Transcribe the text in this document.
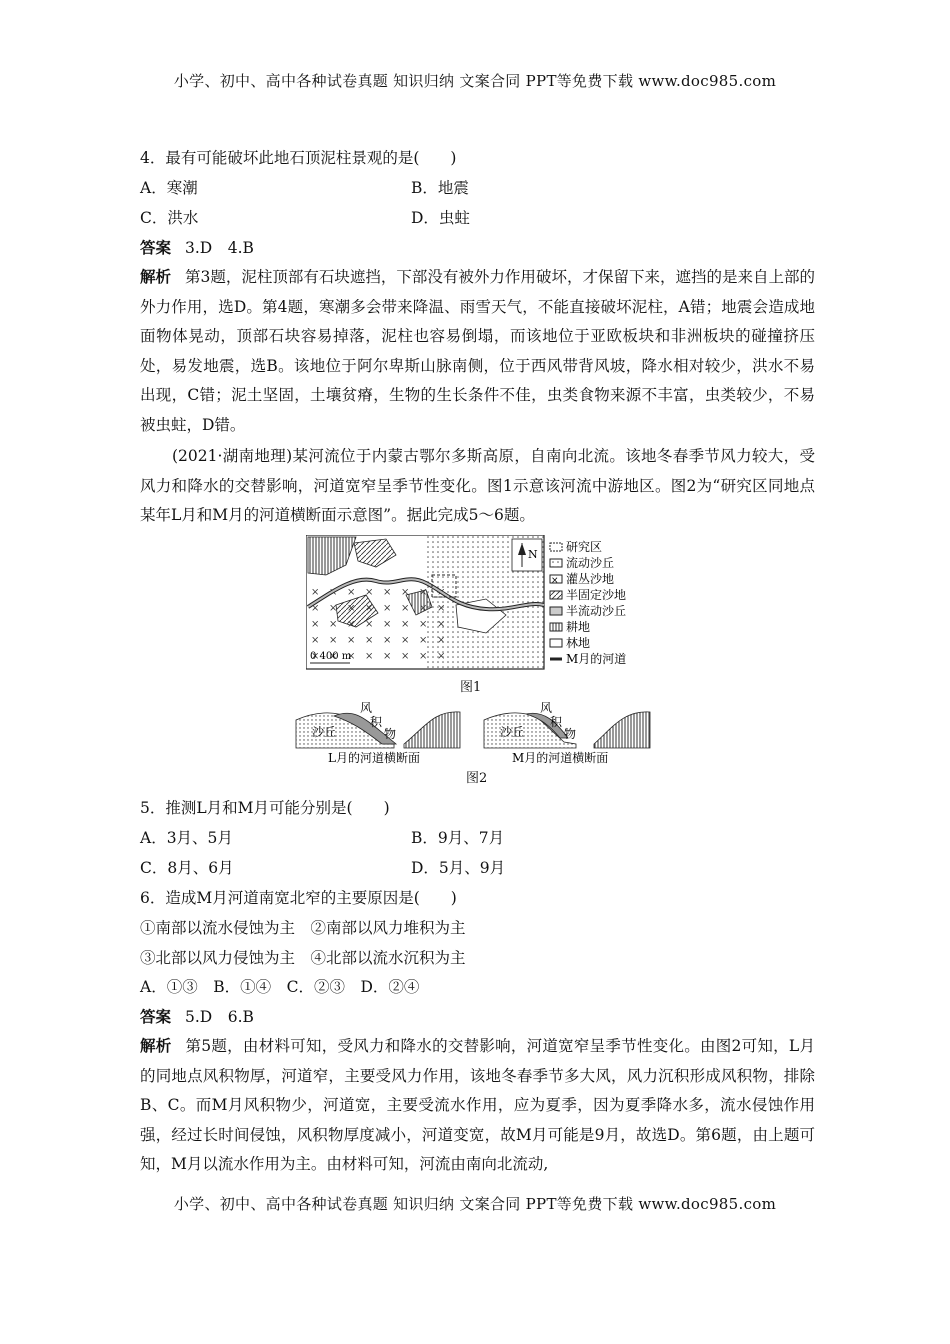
小学、初中、高中各种试卷真题 知识归纳 文案合同 PPT等免费下载 www.doc985.com
4．最有可能破坏此地石顶泥柱景观的是(　　)
A．寒潮	B．地震
C．洪水	D．虫蛀
答案 3.D　4.B
解析 第3题，泥柱顶部有石块遮挡，下部没有被外力作用破坏，才保留下来，遮挡的是来自上部的外力作用，选D。第4题，寒潮多会带来降温、雨雪天气，不能直接破坏泥柱，A错；地震会造成地面物体晃动，顶部石块容易掉落，泥柱也容易倒塌，而该地位于亚欧板块和非洲板块的碰撞挤压处，易发地震，选B。该地位于阿尔卑斯山脉南侧，位于西风带背风坡，降水相对较少，洪水不易出现，C错；泥土坚固，土壤贫瘠，生物的生长条件不佳，虫类食物来源不丰富，虫类较少，不易被虫蛀，D错。
(2021·湖南地理)某河流位于内蒙古鄂尔多斯高原，自南向北流。该地冬春季节风力较大，受风力和降水的交替影响，河道宽窄呈季节性变化。图1示意该河流中游地区。图2为“研究区同地点某年L月和M月的河道横断面示意图”。据此完成5～6题。
N
0 400 m
研究区
流动沙丘
× 灌丛沙地
半固定沙地
半流动沙丘
耕地
林地
M月的河道
图1
沙丘
风
积
物
L月的河道横断面
沙丘
风
积
物
M月的河道横断面
图2
5．推测L月和M月可能分别是(　　)
A．3月、5月	B．9月、7月
C．8月、6月	D．5月、9月
6．造成M月河道南宽北窄的主要原因是(　　)
①南部以流水侵蚀为主　②南部以风力堆积为主
③北部以风力侵蚀为主　④北部以流水沉积为主
A．①③　B．①④　C．②③　D．②④
答案 5.D　6.B
解析 第5题，由材料可知，受风力和降水的交替影响，河道宽窄呈季节性变化。由图2可知，L月的同地点风积物厚，河道窄，主要受风力作用，该地冬春季节多大风，风力沉积形成风积物，排除B、C。而M月风积物少，河道宽，主要受流水作用，应为夏季，因为夏季降水多，流水侵蚀作用强，经过长时间侵蚀，风积物厚度减小，河道变宽，故M月可能是9月，故选D。第6题，由上题可知，M月以流水作用为主。由材料可知，河流由南向北流动,
小学、初中、高中各种试卷真题 知识归纳 文案合同 PPT等免费下载 www.doc985.com
